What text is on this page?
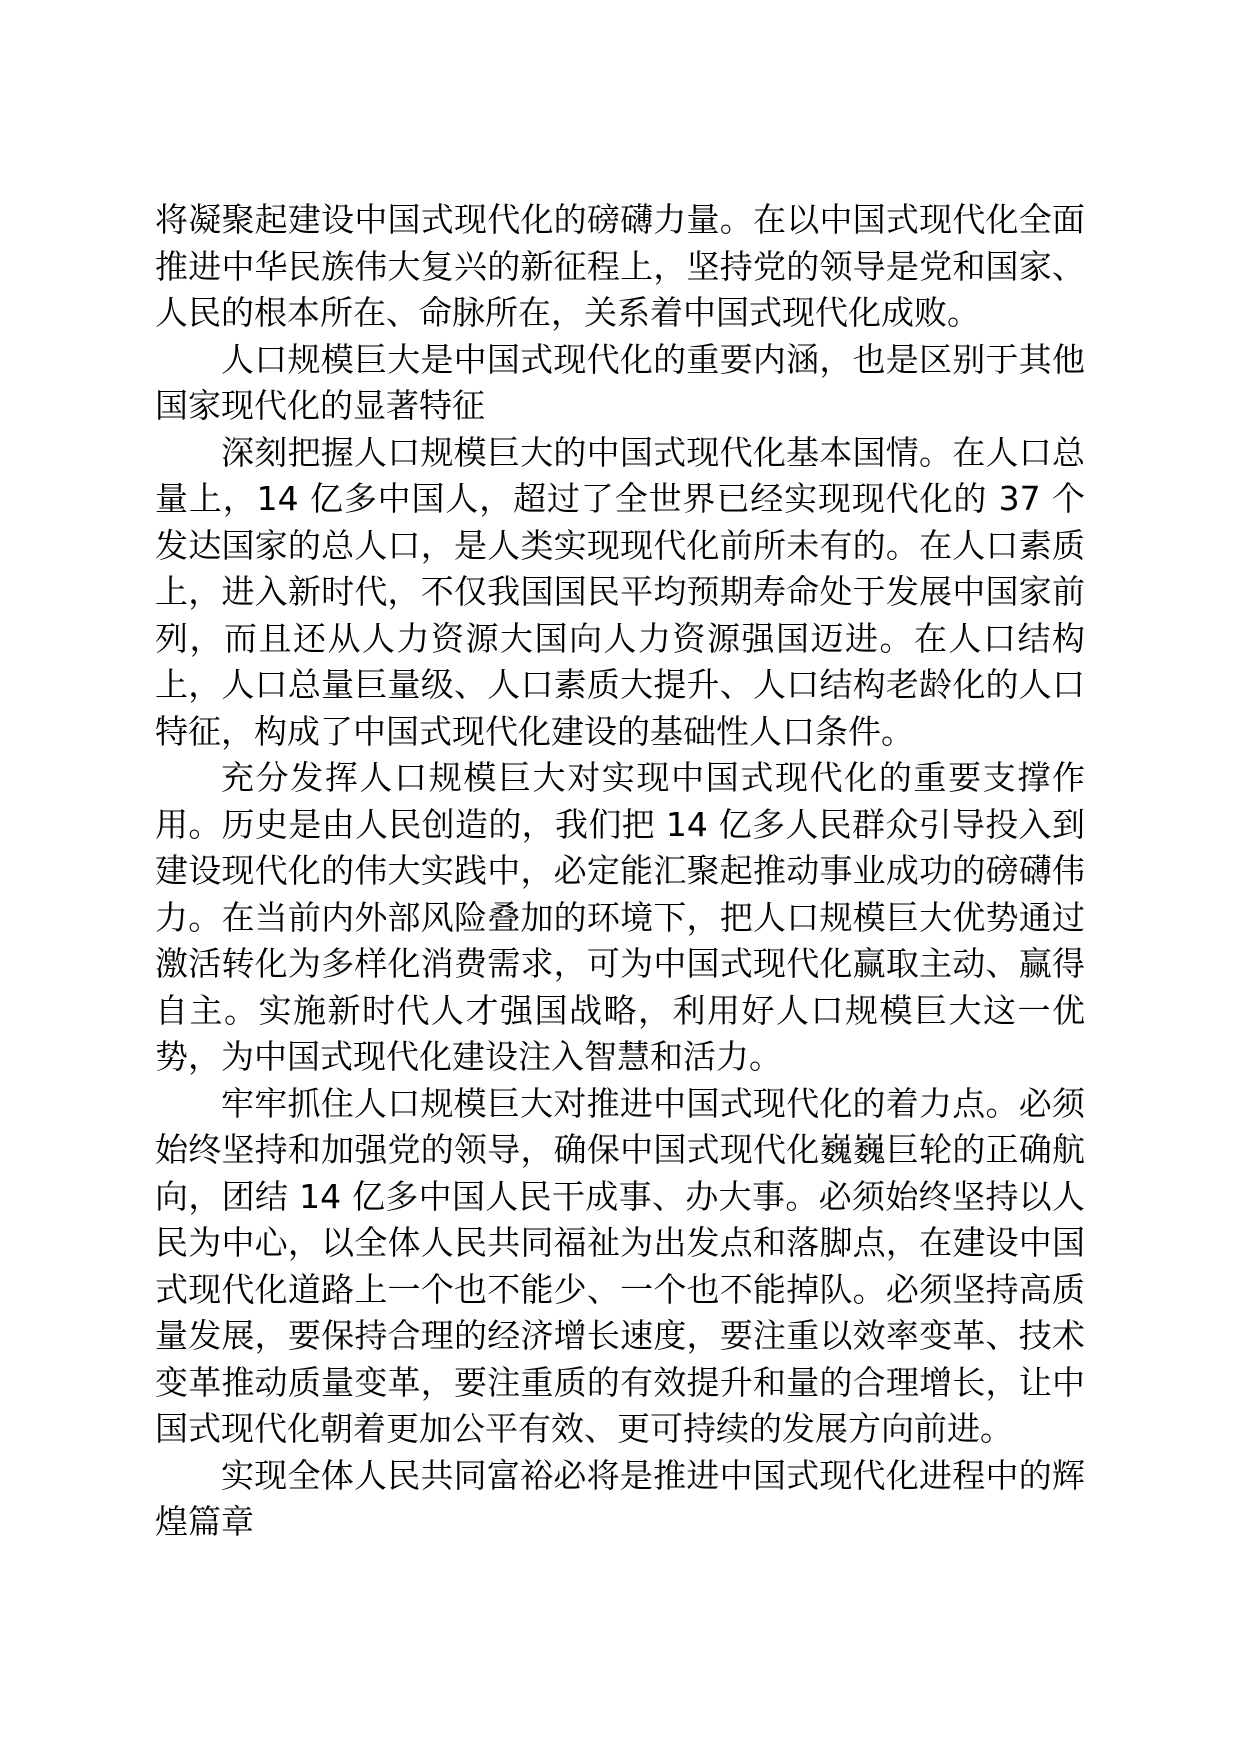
将凝聚起建设中国式现代化的磅礴力量。在以中国式现代化全面推进中华民族伟大复兴的新征程上，坚持党的领导是党和国家、人民的根本所在、命脉所在，关系着中国式现代化成败。

人口规模巨大是中国式现代化的重要内涵，也是区别于其他国家现代化的显著特征

深刻把握人口规模巨大的中国式现代化基本国情。在人口总量上，14 亿多中国人，超过了全世界已经实现现代化的 37 个发达国家的总人口，是人类实现现代化前所未有的。在人口素质上，进入新时代，不仅我国国民平均预期寿命处于发展中国家前列，而且还从人力资源大国向人力资源强国迈进。在人口结构上，人口总量巨量级、人口素质大提升、人口结构老龄化的人口特征，构成了中国式现代化建设的基础性人口条件。

充分发挥人口规模巨大对实现中国式现代化的重要支撑作用。历史是由人民创造的，我们把 14 亿多人民群众引导投入到建设现代化的伟大实践中，必定能汇聚起推动事业成功的磅礴伟力。在当前内外部风险叠加的环境下，把人口规模巨大优势通过激活转化为多样化消费需求，可为中国式现代化赢取主动、赢得自主。实施新时代人才强国战略，利用好人口规模巨大这一优势，为中国式现代化建设注入智慧和活力。

牢牢抓住人口规模巨大对推进中国式现代化的着力点。必须始终坚持和加强党的领导，确保中国式现代化巍巍巨轮的正确航向，团结 14 亿多中国人民干成事、办大事。必须始终坚持以人民为中心，以全体人民共同福祉为出发点和落脚点，在建设中国式现代化道路上一个也不能少、一个也不能掉队。必须坚持高质量发展，要保持合理的经济增长速度，要注重以效率变革、技术变革推动质量变革，要注重质的有效提升和量的合理增长，让中国式现代化朝着更加公平有效、更可持续的发展方向前进。

实现全体人民共同富裕必将是推进中国式现代化进程中的辉煌篇章
